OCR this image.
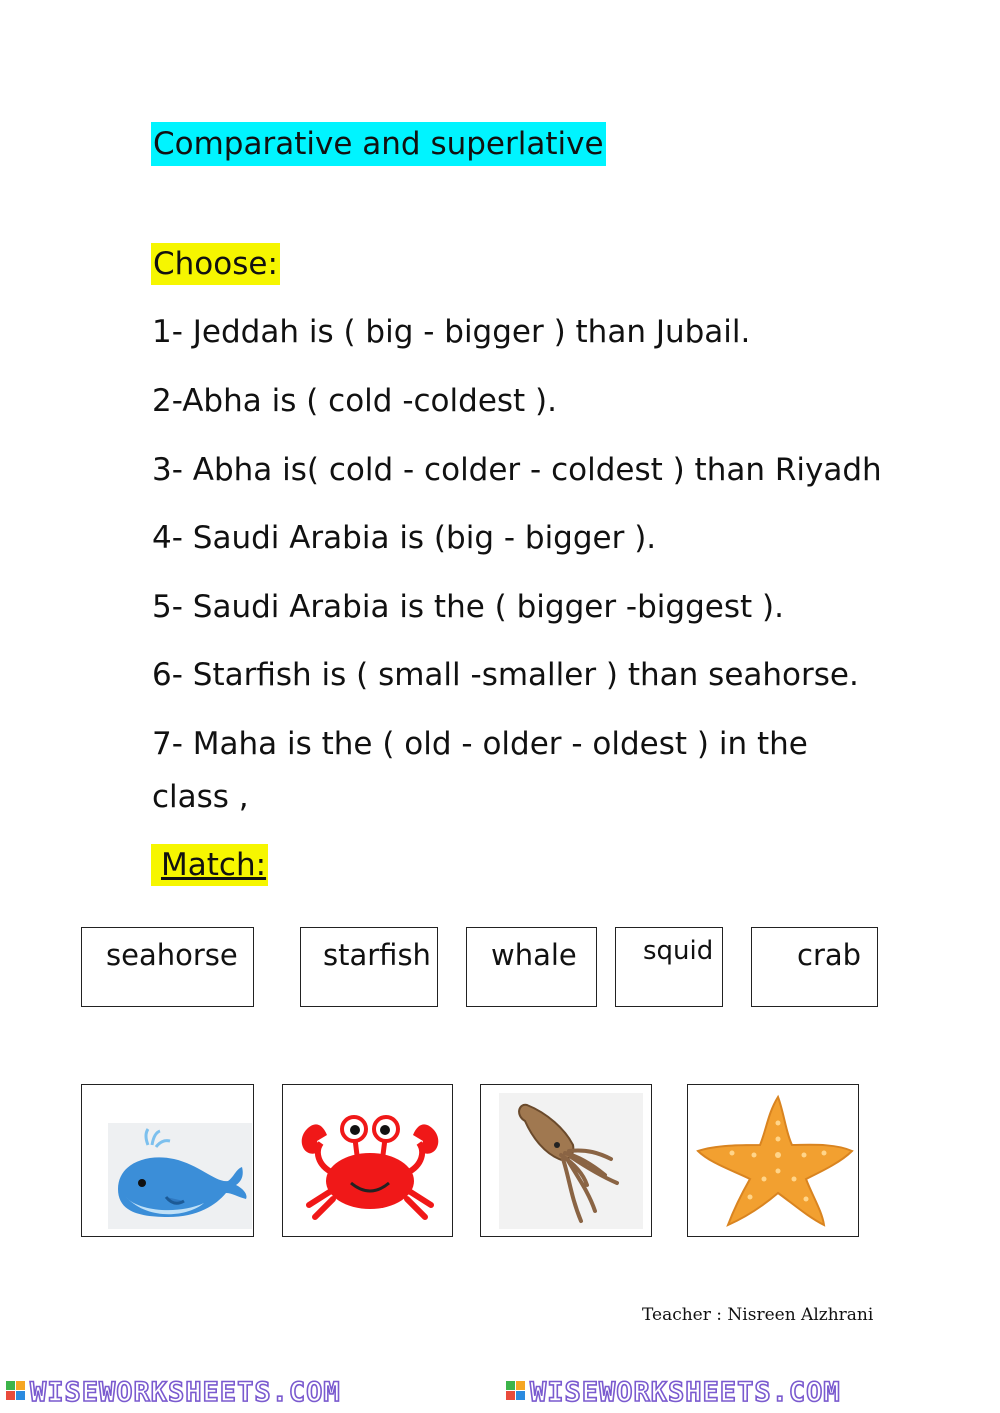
Comparative and superlative
Choose:
1- Jeddah is ( big - bigger ) than Jubail.
2-Abha is ( cold -coldest ).
3- Abha is( cold - colder - coldest ) than Riyadh
4- Saudi Arabia is (big - bigger ).
5- Saudi Arabia is the ( bigger -biggest ).
6- Starfish is ( small -smaller ) than seahorse.
7- Maha is the ( old - older - oldest ) in the
class ,
Match:
seahorse	starfish whale	squid	crab
Teacher : Nisreen Alzhrani
WISEWORKSHEETS.COM	WISEWORKSHEETS.COM
